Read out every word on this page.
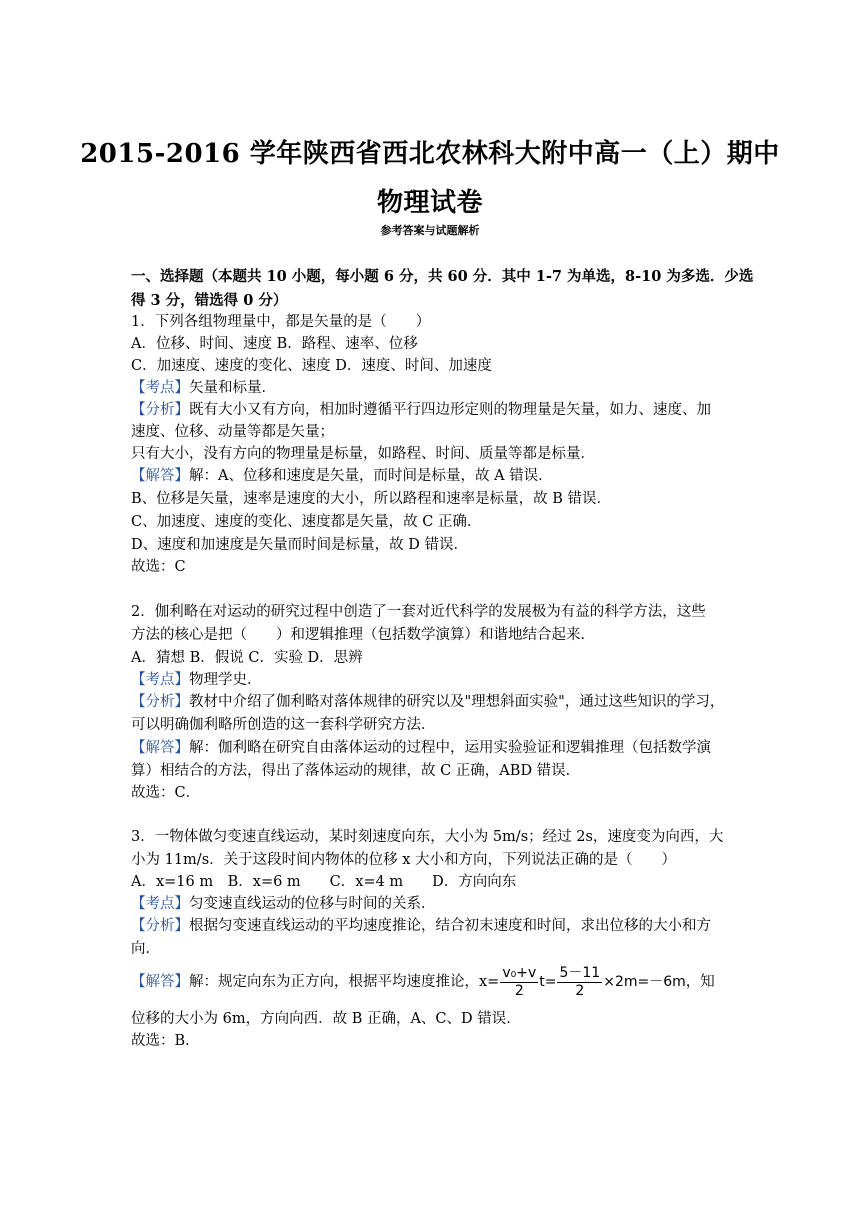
2015-2016 学年陕西省西北农林科大附中高一（上）期中
物理试卷
参考答案与试题解析
一、选择题（本题共 10 小题，每小题 6 分，共 60 分．其中 1-7 为单选，8-10 为多选．少选
得 3 分，错选得 0 分）
1．下列各组物理量中，都是矢量的是（　　）
A．位移、时间、速度 B．路程、速率、位移
C．加速度、速度的变化、速度 D．速度、时间、加速度
【考点】矢量和标量．
【分析】既有大小又有方向，相加时遵循平行四边形定则的物理量是矢量，如力、速度、加
速度、位移、动量等都是矢量；
只有大小，没有方向的物理量是标量，如路程、时间、质量等都是标量．
【解答】解：A、位移和速度是矢量，而时间是标量，故 A 错误．
B、位移是矢量，速率是速度的大小，所以路程和速率是标量，故 B 错误．
C、加速度、速度的变化、速度都是矢量，故 C 正确．
D、速度和加速度是矢量而时间是标量，故 D 错误．
故选：C
2．伽利略在对运动的研究过程中创造了一套对近代科学的发展极为有益的科学方法，这些
方法的核心是把（　　）和逻辑推理（包括数学演算）和谐地结合起来．
A．猜想 B．假说 C．实验 D．思辨
【考点】物理学史．
【分析】教材中介绍了伽利略对落体规律的研究以及"理想斜面实验"，通过这些知识的学习，
可以明确伽利略所创造的这一套科学研究方法．
【解答】解：伽利略在研究自由落体运动的过程中，运用实验验证和逻辑推理（包括数学演
算）相结合的方法，得出了落体运动的规律，故 C 正确，ABD 错误．
故选：C．
3．一物体做匀变速直线运动，某时刻速度向东，大小为 5m/s；经过 2s，速度变为向西，大
小为 11m/s．关于这段时间内物体的位移 x 大小和方向，下列说法正确的是（　　）
A．x=16 m　B．x=6 m　　C．x=4 m　　D．方向向东
【考点】匀变速直线运动的位移与时间的关系．
【分析】根据匀变速直线运动的平均速度推论，结合初末速度和时间，求出位移的大小和方
向．
【解答】解：规定向东为正方向，根据平均速度推论，$x= \frac{\text{v₀+v}}{2} t= \frac{5-11}{2} \times 2m=-6m$，知
位移的大小为 6m，方向向西．故 B 正确，A、C、D 错误．
故选：B．
